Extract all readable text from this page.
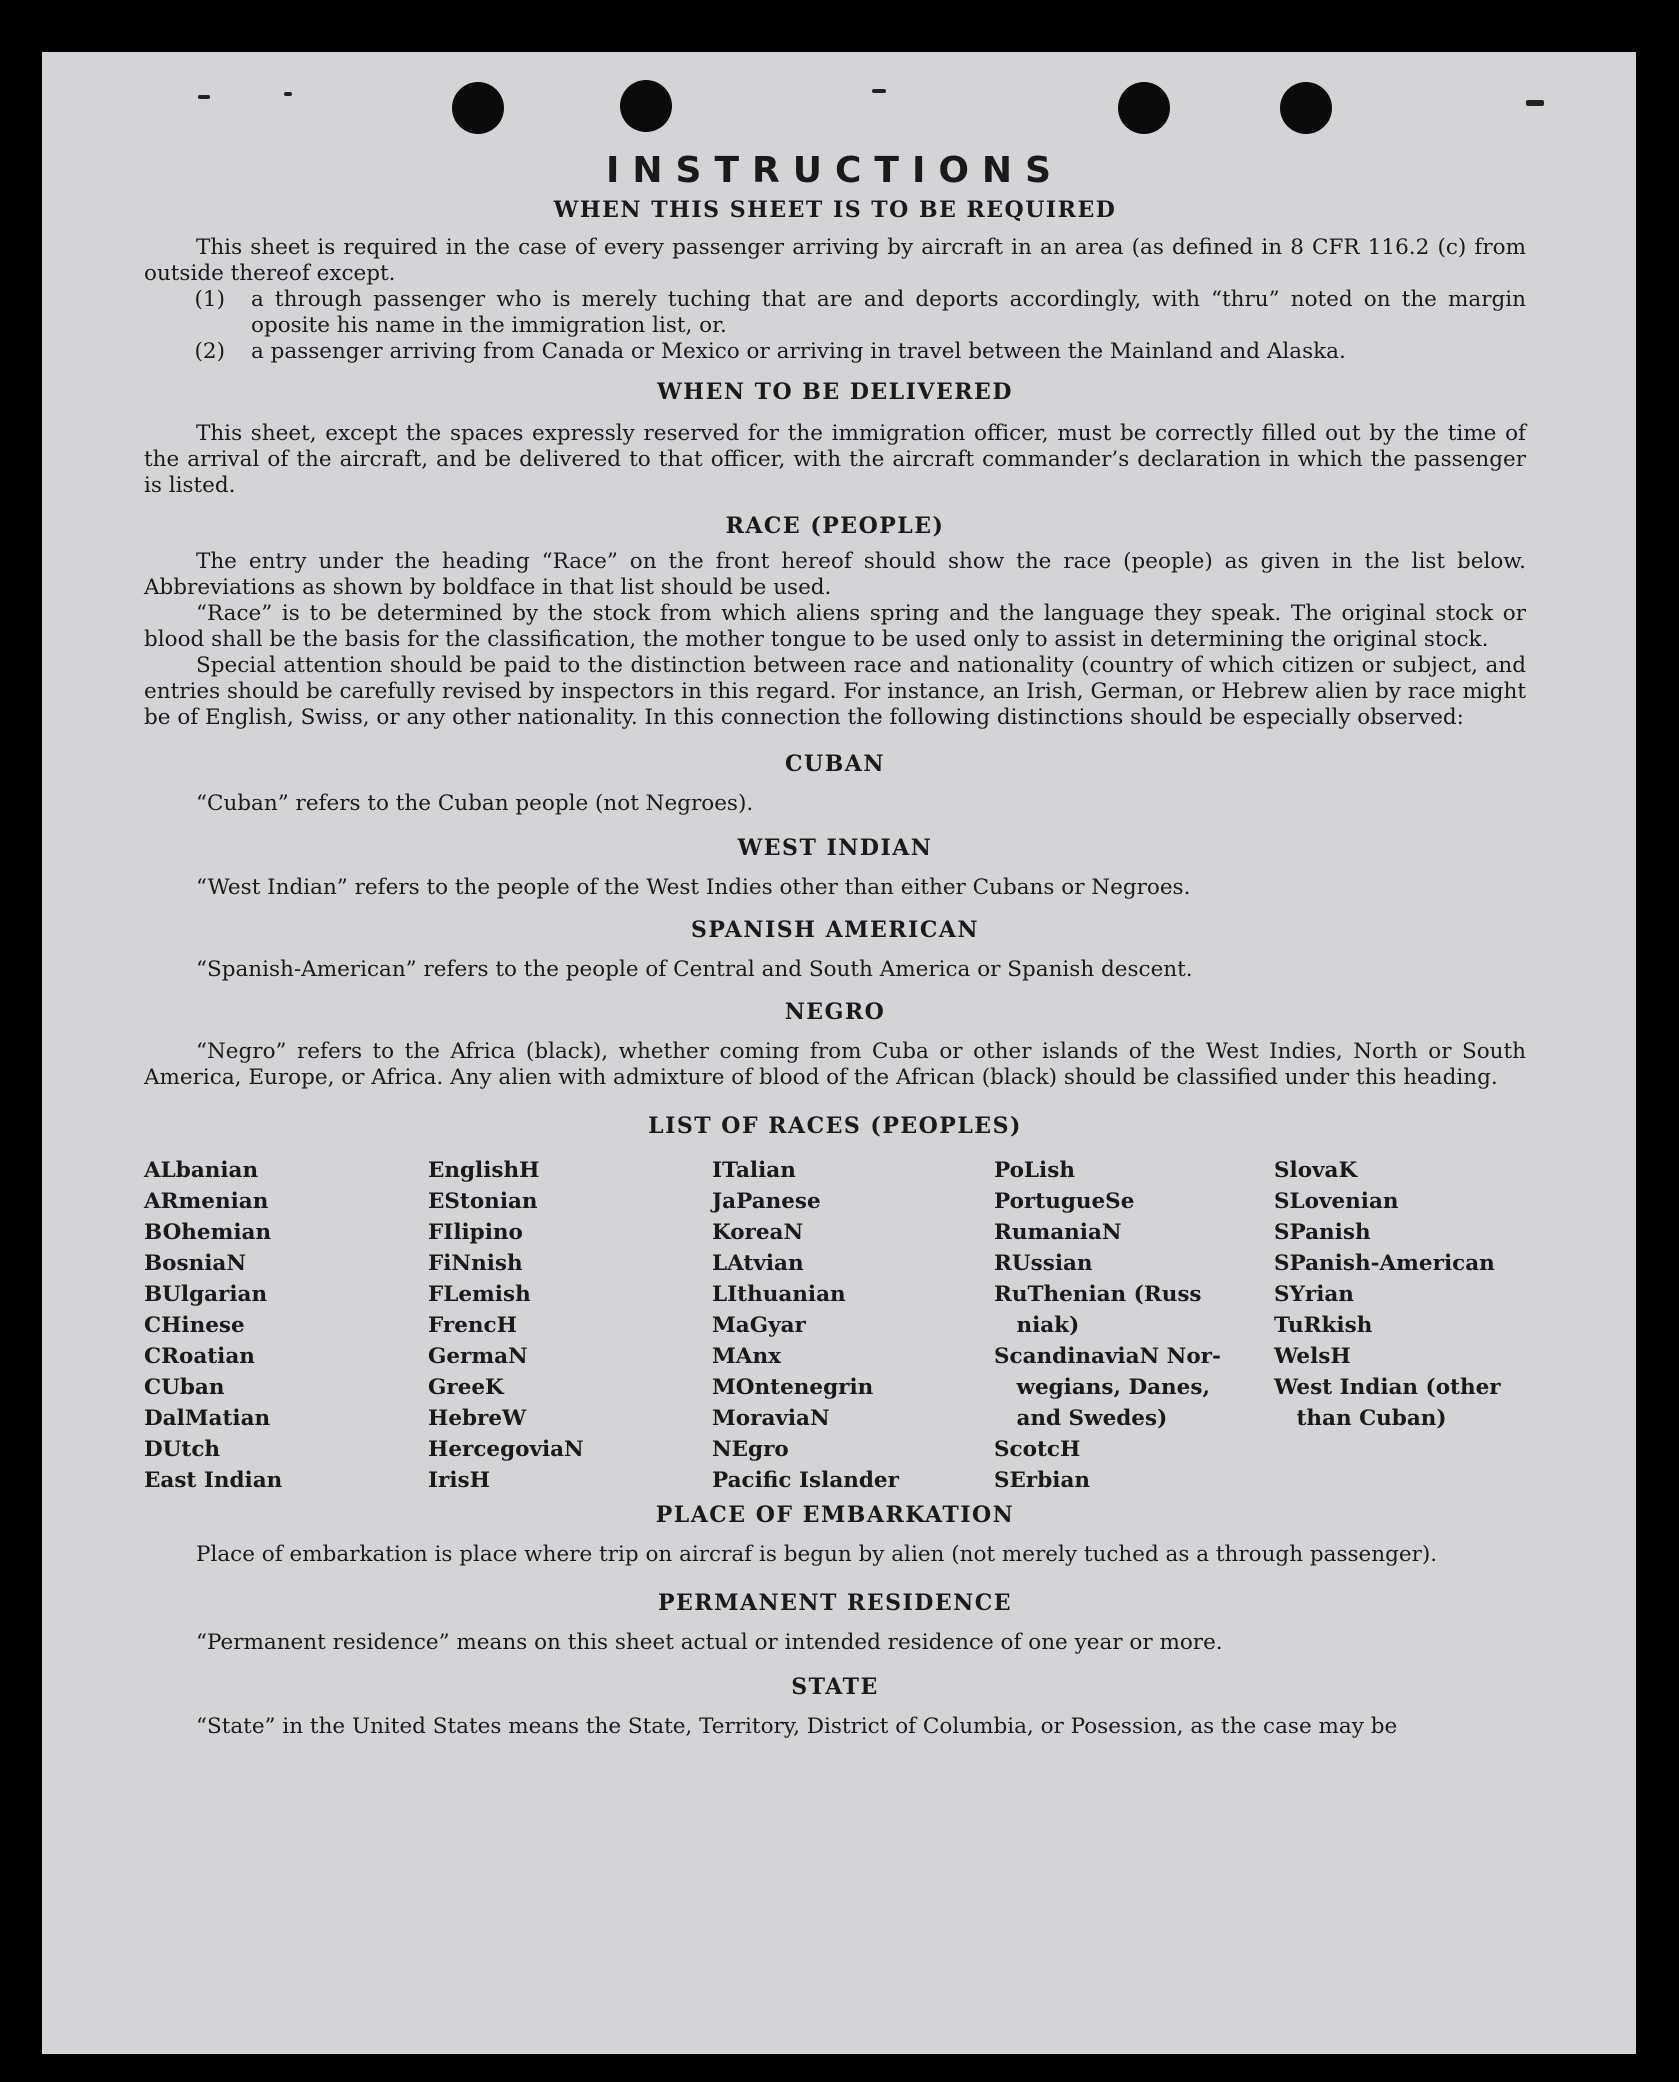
INSTRUCTIONS
WHEN THIS SHEET IS TO BE REQUIRED

This sheet is required in the case of every passenger arriving by aircraft in an area (as defined in 8 CFR 116.2 (c) from outside thereof except.

(1)	a through passenger who is merely tuching that are and deports accordingly, with “thru” noted on the margin oposite his name in the immigration list, or.
(2)	a passenger arriving from Canada or Mexico or arriving in travel between the Mainland and Alaska.
WHEN TO BE DELIVERED

This sheet, except the spaces expressly reserved for the immigration officer, must be correctly filled out by the time of the arrival of the aircraft, and be delivered to that officer, with the aircraft commander’s declaration in which the passenger is listed.

RACE (PEOPLE)

The entry under the heading “Race” on the front hereof should show the race (people) as given in the list below. Abbreviations as shown by boldface in that list should be used.

“Race” is to be determined by the stock from which aliens spring and the language they speak. The original stock or blood shall be the basis for the classification, the mother tongue to be used only to assist in determining the original stock.

Special attention should be paid to the distinction between race and nationality (country of which citizen or subject, and entries should be carefully revised by inspectors in this regard. For instance, an Irish, German, or Hebrew alien by race might be of English, Swiss, or any other nationality. In this connection the following distinctions should be especially observed:

CUBAN

“Cuban” refers to the Cuban people (not Negroes).

WEST INDIAN

“West Indian” refers to the people of the West Indies other than either Cubans or Negroes.

SPANISH AMERICAN

“Spanish-American” refers to the people of Central and South America or Spanish descent.

NEGRO

“Negro” refers to the Africa (black), whether coming from Cuba or other islands of the West Indies, North or South America, Europe, or Africa. Any alien with admixture of blood of the African (black) should be classified under this heading.

LIST OF RACES (PEOPLES)
ALbanian
ARmenian
BOhemian
BosniaN
BUlgarian
CHinese
CRoatian
CUban
DalMatian
DUtch
East Indian
EnglishH
EStonian
FIlipino
FiNnish
FLemish
FrencH
GermaN
GreeK
HebreW
HercegoviaN
IrisH
ITalian
JaPanese
KoreaN
LAtvian
LIthuanian
MaGyar
MAnx
MOntenegrin
MoraviaN
NEgro
Pacific Islander
PoLish
PortugueSe
RumaniaN
RUssian
RuThenian (Russ
niak)
ScandinaviaN Nor-
wegians, Danes,
and Swedes)
ScotcH
SErbian
SlovaK
SLovenian
SPanish
SPanish-American
SYrian
TuRkish
WelsH
West Indian (other
than Cuban)
PLACE OF EMBARKATION

Place of embarkation is place where trip on aircraf is begun by alien (not merely tuched as a through passenger).

PERMANENT RESIDENCE

“Permanent residence” means on this sheet actual or intended residence of one year or more.

STATE

“State” in the United States means the State, Territory, District of Columbia, or Posession, as the case may be
